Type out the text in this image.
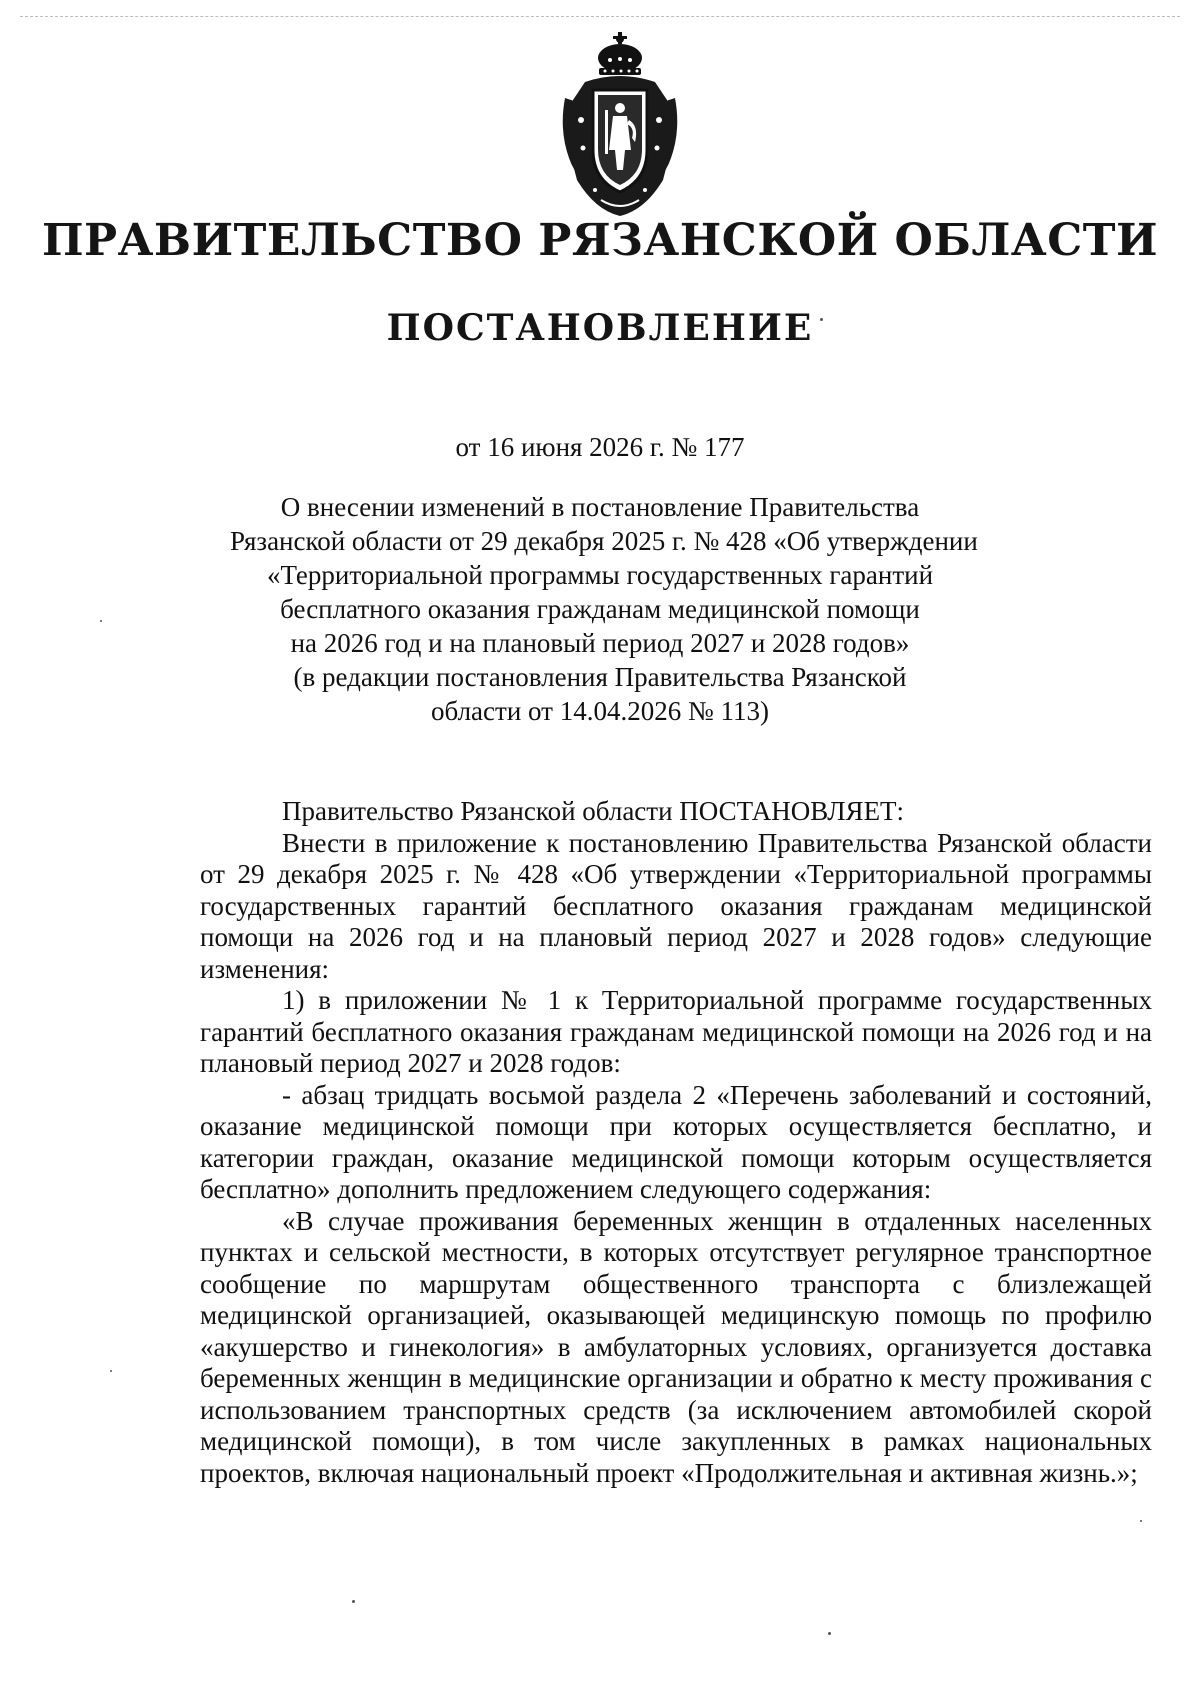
ПРАВИТЕЛЬСТВО РЯЗАНСКОЙ ОБЛАСТИ
ПОСТАНОВЛЕНИЕ
от 16 июня 2026 г. № 177
О внесении изменений в постановление Правительства
Рязанской области от 29 декабря 2025 г. № 428 «Об утверждении
«Территориальной программы государственных гарантий
бесплатного оказания гражданам медицинской помощи
на 2026 год и на плановый период 2027 и 2028 годов»
(в редакции постановления Правительства Рязанской
области от 14.04.2026 № 113)

Правительство Рязанской области ПОСТАНОВЛЯЕТ:

Внести в приложение к постановлению Правительства Рязанской области от 29 декабря 2025 г. № 428 «Об утверждении «Территориальной программы государственных гарантий бесплатного оказания гражданам медицинской помощи на 2026 год и на плановый период 2027 и 2028 годов» следующие изменения:

1) в приложении № 1 к Территориальной программе государственных гарантий бесплатного оказания гражданам медицинской помощи на 2026 год и на плановый период 2027 и 2028 годов:

- абзац тридцать восьмой раздела 2 «Перечень заболеваний и состояний, оказание медицинской помощи при которых осуществляется бесплатно, и категории граждан, оказание медицинской помощи которым осуществляется бесплатно» дополнить предложением следующего содержания:

«В случае проживания беременных женщин в отдаленных населенных пунктах и сельской местности, в которых отсутствует регулярное транспортное сообщение по маршрутам общественного транспорта с близлежащей медицинской организацией, оказывающей медицинскую помощь по профилю «акушерство и гинекология» в амбулаторных условиях, организуется доставка беременных женщин в медицинские организации и обратно к месту проживания с использованием транспортных средств (за исключением автомобилей скорой медицинской помощи), в том числе закупленных в рамках национальных проектов, включая национальный проект «Продолжительная и активная жизнь.»;
